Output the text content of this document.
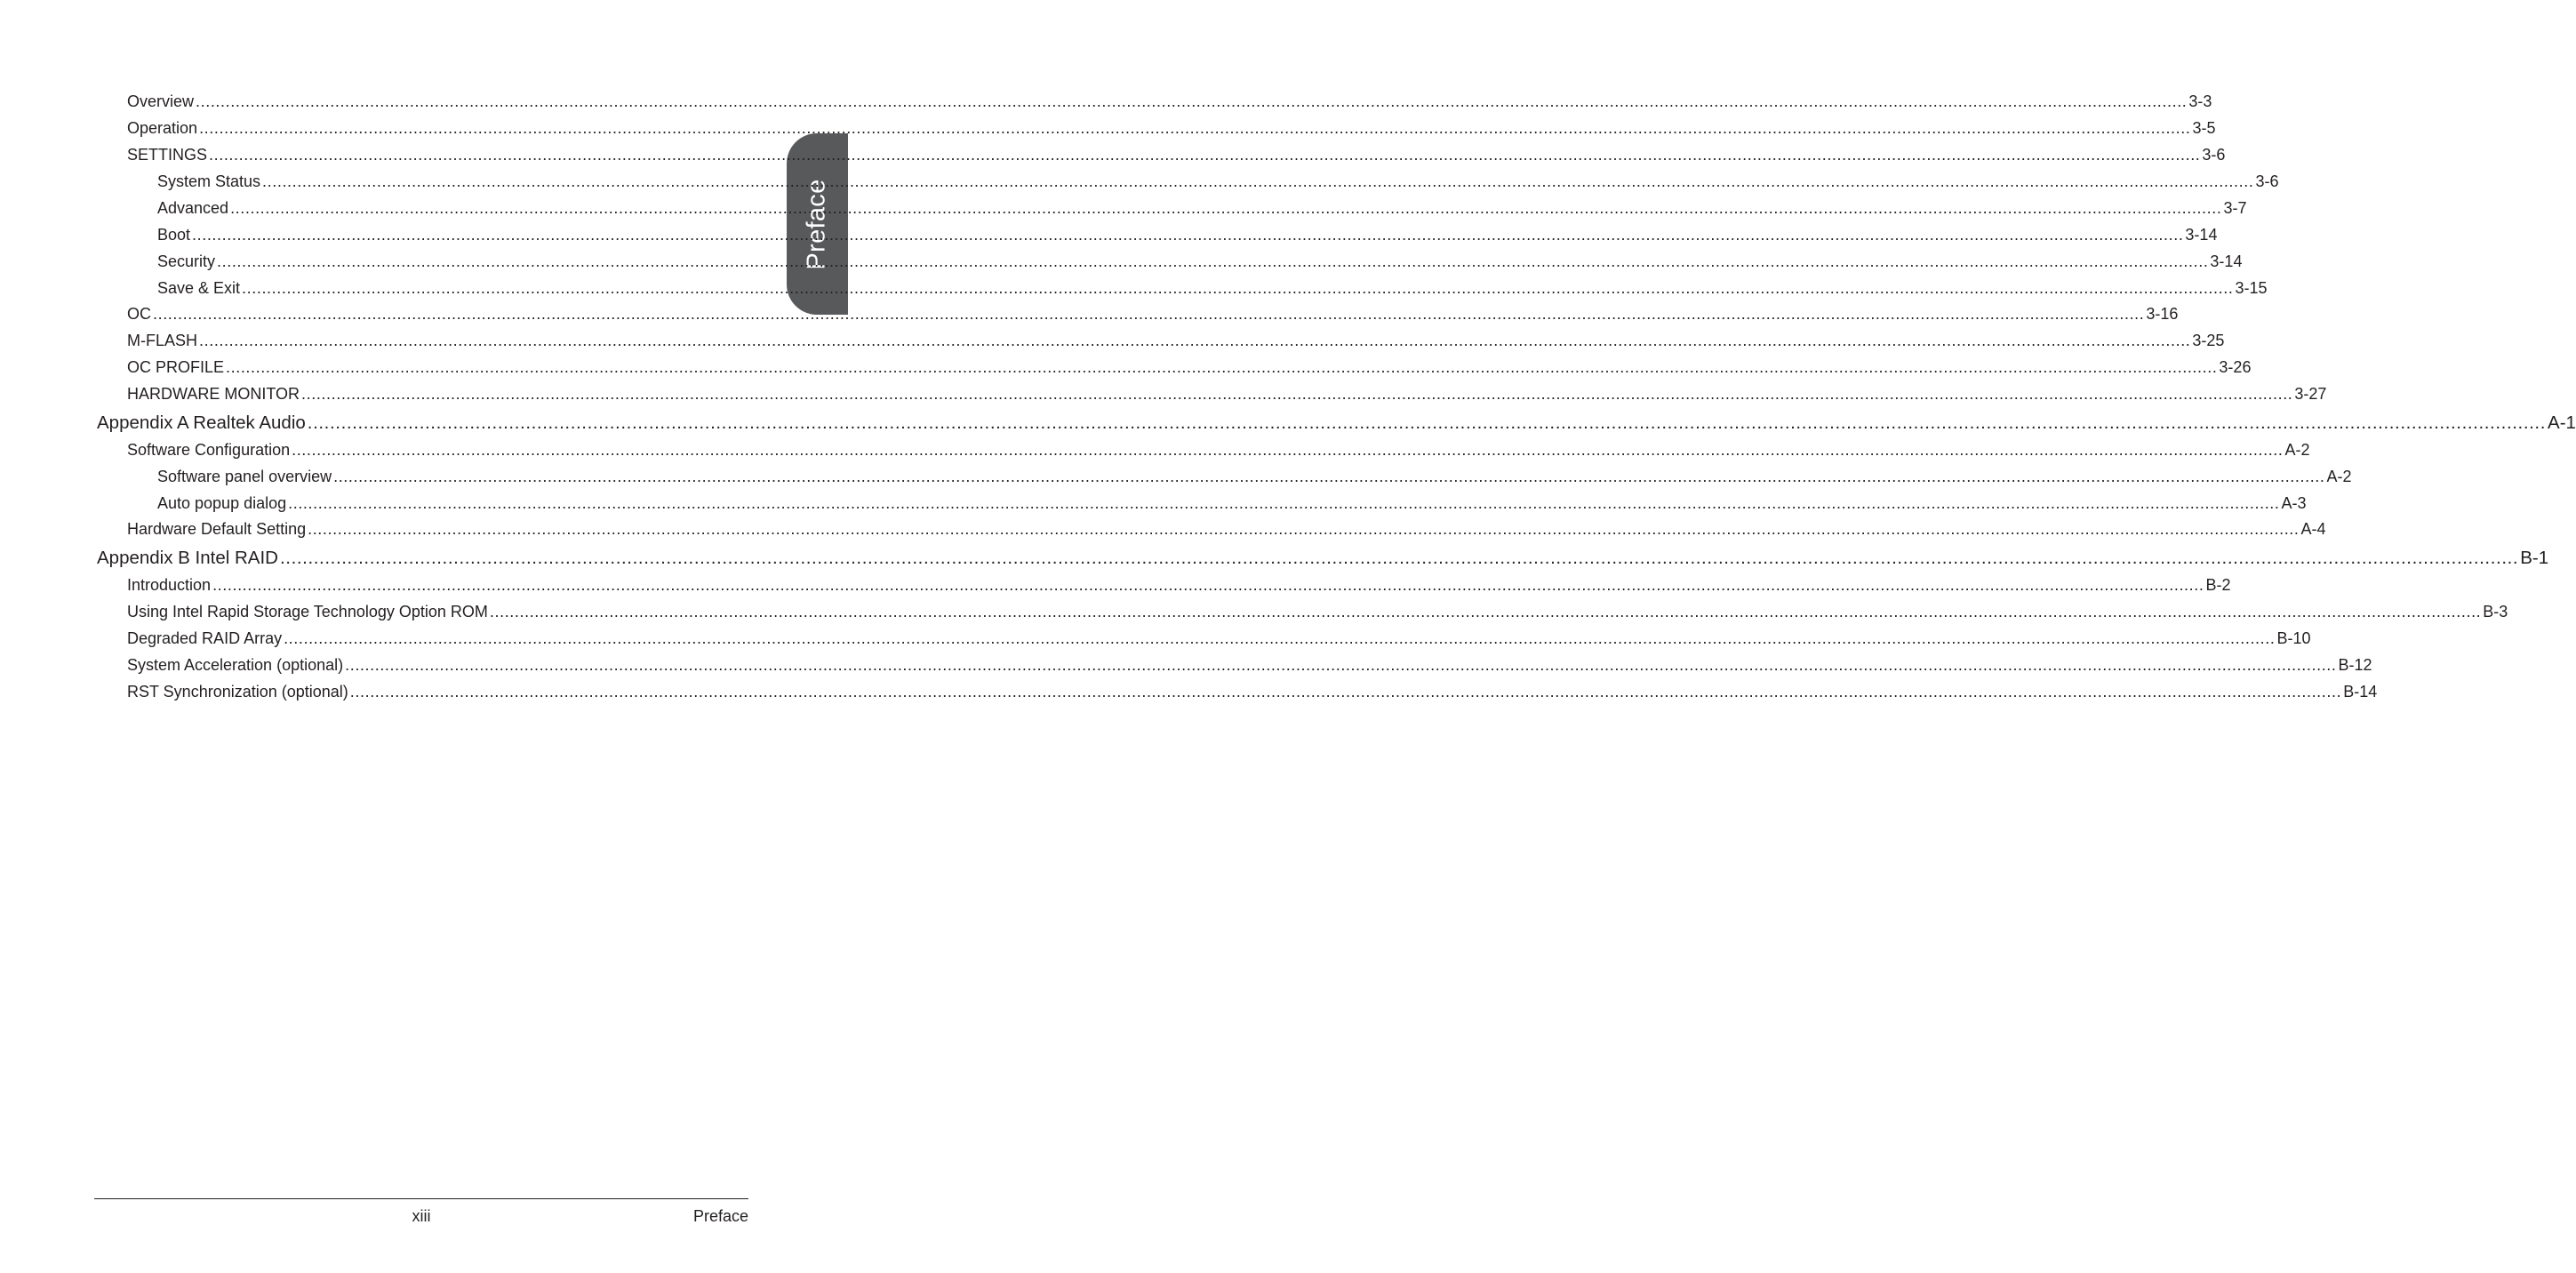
Preface
Overview ................................................................................................................................................................................................................................................................................................................................................................................................................ 3-3
Operation ................................................................................................................................................................................................................................................................................................................................................................................................................ 3-5
SETTINGS ................................................................................................................................................................................................................................................................................................................................................................................................................ 3-6
System Status ................................................................................................................................................................................................................................................................................................................................................................................................................ 3-6
Advanced ................................................................................................................................................................................................................................................................................................................................................................................................................ 3-7
Boot ................................................................................................................................................................................................................................................................................................................................................................................................................ 3-14
Security ................................................................................................................................................................................................................................................................................................................................................................................................................ 3-14
Save & Exit ................................................................................................................................................................................................................................................................................................................................................................................................................ 3-15
OC ................................................................................................................................................................................................................................................................................................................................................................................................................ 3-16
M-FLASH ................................................................................................................................................................................................................................................................................................................................................................................................................ 3-25
OC PROFILE ................................................................................................................................................................................................................................................................................................................................................................................................................ 3-26
HARDWARE MONITOR ................................................................................................................................................................................................................................................................................................................................................................................................................ 3-27
Appendix A Realtek Audio ................................................................................................................................................................................................................................................................................................................................................................................................................ A-1
Software Configuration ................................................................................................................................................................................................................................................................................................................................................................................................................ A-2
Software panel overview ................................................................................................................................................................................................................................................................................................................................................................................................................ A-2
Auto popup dialog ................................................................................................................................................................................................................................................................................................................................................................................................................ A-3
Hardware Default Setting ................................................................................................................................................................................................................................................................................................................................................................................................................ A-4
Appendix B Intel RAID ................................................................................................................................................................................................................................................................................................................................................................................................................ B-1
Introduction ................................................................................................................................................................................................................................................................................................................................................................................................................ B-2
Using Intel Rapid Storage Technology Option ROM ................................................................................................................................................................................................................................................................................................................................................................................................................ B-3
Degraded RAID Array ................................................................................................................................................................................................................................................................................................................................................................................................................ B-10
System Acceleration (optional) ................................................................................................................................................................................................................................................................................................................................................................................................................ B-12
RST Synchronization (optional) ................................................................................................................................................................................................................................................................................................................................................................................................................ B-14
xiii	Preface
